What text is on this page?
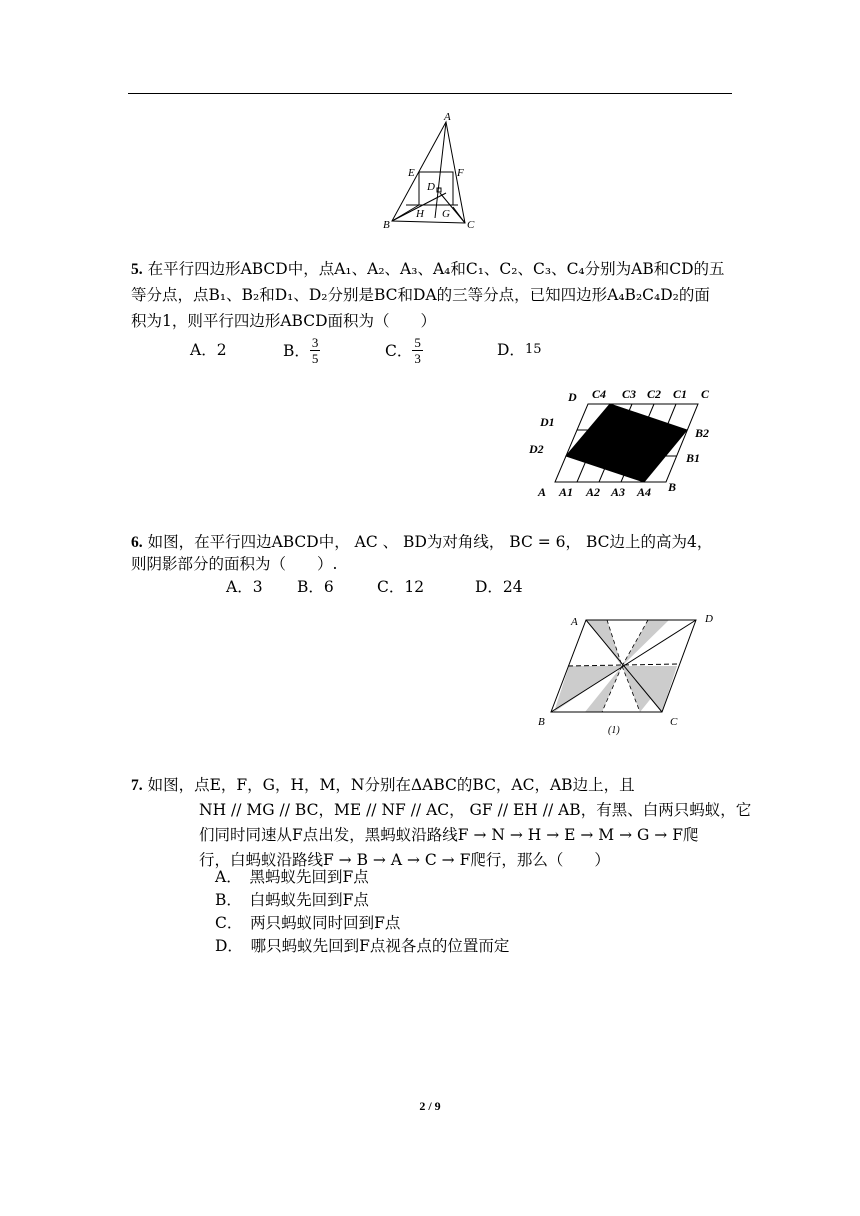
A
B	C
D
E	F
G
H
5. 在平行四边形ABCD中，点A₁、A₂、A₃、A₄和C₁、C₂、C₃、C₄分别为AB和CD的五
等分点，点B₁、B₂和D₁、D₂分别是BC和DA的三等分点，已知四边形A₄B₂C₄D₂的面
积为1，则平行四边形ABCD面积为（　　）
A． 2	B． $\frac{3}{5}$	C． $\frac{5}{3}$	D． 15
D C4 C3 C2 C1 C
A A1 A2 A3 A4 B
D1
D2
B2
B1
6. 如图，在平行四边ABCD中， AC 、 BD为对角线， BC = 6， BC边上的高为4，
则阴影部分的面积为（　　）.
A．3 B．6	C．12	D．24
A	D
B	C
(1)
7. 如图，点E，F，G，H，M，N分别在ΔABC的BC，AC，AB边上，且
NH // MG // BC，ME // NF // AC， GF // EH // AB，有黑、白两只蚂蚁，它
们同时同速从F点出发，黑蚂蚁沿路线F → N → H → E → M → G → F爬
行，白蚂蚁沿路线F → B → A → C → F爬行，那么（　　）
A．　黑蚂蚁先回到F点
B．　白蚂蚁先回到F点
C．　两只蚂蚁同时回到F点
D．　哪只蚂蚁先回到F点视各点的位置而定
2 / 9
